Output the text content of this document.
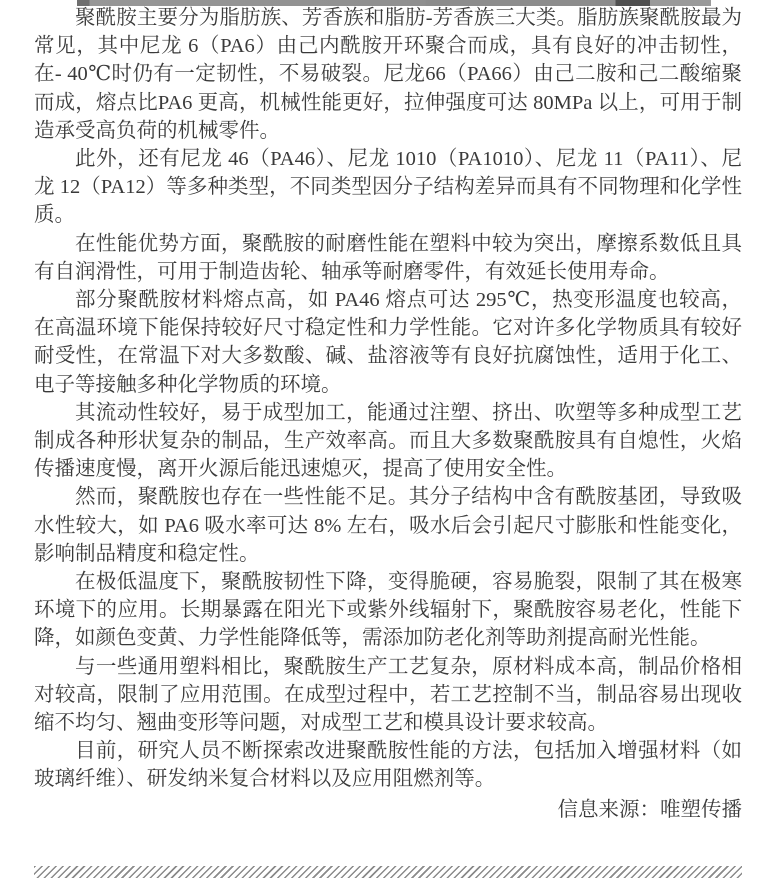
聚酰胺主要分为脂肪族、芳香族和脂肪-芳香族三大类。脂肪族聚酰胺最为常见，其中尼龙 6（PA6）由己内酰胺开环聚合而成，具有良好的冲击韧性，在- 40℃时仍有一定韧性，不易破裂。尼龙66（PA66）由己二胺和己二酸缩聚而成，熔点比PA6 更高，机械性能更好，拉伸强度可达 80MPa 以上，可用于制造承受高负荷的机械零件。

此外，还有尼龙 46（PA46）、尼龙 1010（PA1010）、尼龙 11（PA11）、尼龙 12（PA12）等多种类型，不同类型因分子结构差异而具有不同物理和化学性质。

在性能优势方面，聚酰胺的耐磨性能在塑料中较为突出，摩擦系数低且具有自润滑性，可用于制造齿轮、轴承等耐磨零件，有效延长使用寿命。

部分聚酰胺材料熔点高，如 PA46 熔点可达 295℃，热变形温度也较高，在高温环境下能保持较好尺寸稳定性和力学性能。它对许多化学物质具有较好耐受性，在常温下对大多数酸、碱、盐溶液等有良好抗腐蚀性，适用于化工、电子等接触多种化学物质的环境。

其流动性较好，易于成型加工，能通过注塑、挤出、吹塑等多种成型工艺制成各种形状复杂的制品，生产效率高。而且大多数聚酰胺具有自熄性，火焰传播速度慢，离开火源后能迅速熄灭，提高了使用安全性。

然而，聚酰胺也存在一些性能不足。其分子结构中含有酰胺基团，导致吸水性较大，如 PA6 吸水率可达 8% 左右，吸水后会引起尺寸膨胀和性能变化，影响制品精度和稳定性。

在极低温度下，聚酰胺韧性下降，变得脆硬，容易脆裂，限制了其在极寒环境下的应用。长期暴露在阳光下或紫外线辐射下，聚酰胺容易老化，性能下降，如颜色变黄、力学性能降低等，需添加防老化剂等助剂提高耐光性能。

与一些通用塑料相比，聚酰胺生产工艺复杂，原材料成本高，制品价格相对较高，限制了应用范围。在成型过程中，若工艺控制不当，制品容易出现收缩不均匀、翘曲变形等问题，对成型工艺和模具设计要求较高。

目前，研究人员不断探索改进聚酰胺性能的方法，包括加入增强材料（如玻璃纤维）、研发纳米复合材料以及应用阻燃剂等。

信息来源：唯塑传播
